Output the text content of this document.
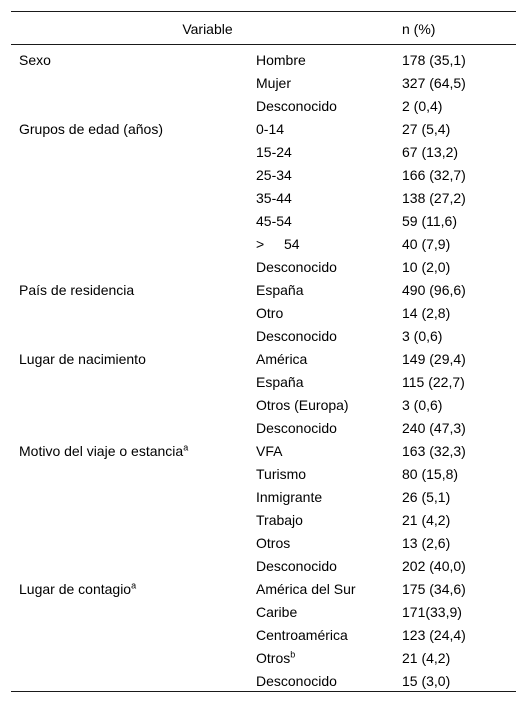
Variable	n (%)
Sexo	Hombre	178 (35,1)
Mujer	327 (64,5)
Desconocido	2 (0,4)
Grupos de edad (años)	0-14	27 (5,4)
15-24	67 (13,2)
25-34	166 (32,7)
35-44	138 (27,2)
45-54	59 (11,6)
> 54	40 (7,9)
Desconocido	10 (2,0)
País de residencia	España	490 (96,6)
Otro	14 (2,8)
Desconocido	3 (0,6)
Lugar de nacimiento	América	149 (29,4)
España	115 (22,7)
Otros (Europa)	3 (0,6)
Desconocido	240 (47,3)
Motivo del viaje o estancia$^a$	VFA	163 (32,3)
Turismo	80 (15,8)
Inmigrante	26 (5,1)
Trabajo	21 (4,2)
Otros	13 (2,6)
Desconocido	202 (40,0)
Lugar de contagio$^a$	América del Sur	175 (34,6)
Caribe	171(33,9)
Centroamérica	123 (24,4)
Otros$^b$	21 (4,2)
Desconocido	15 (3,0)
